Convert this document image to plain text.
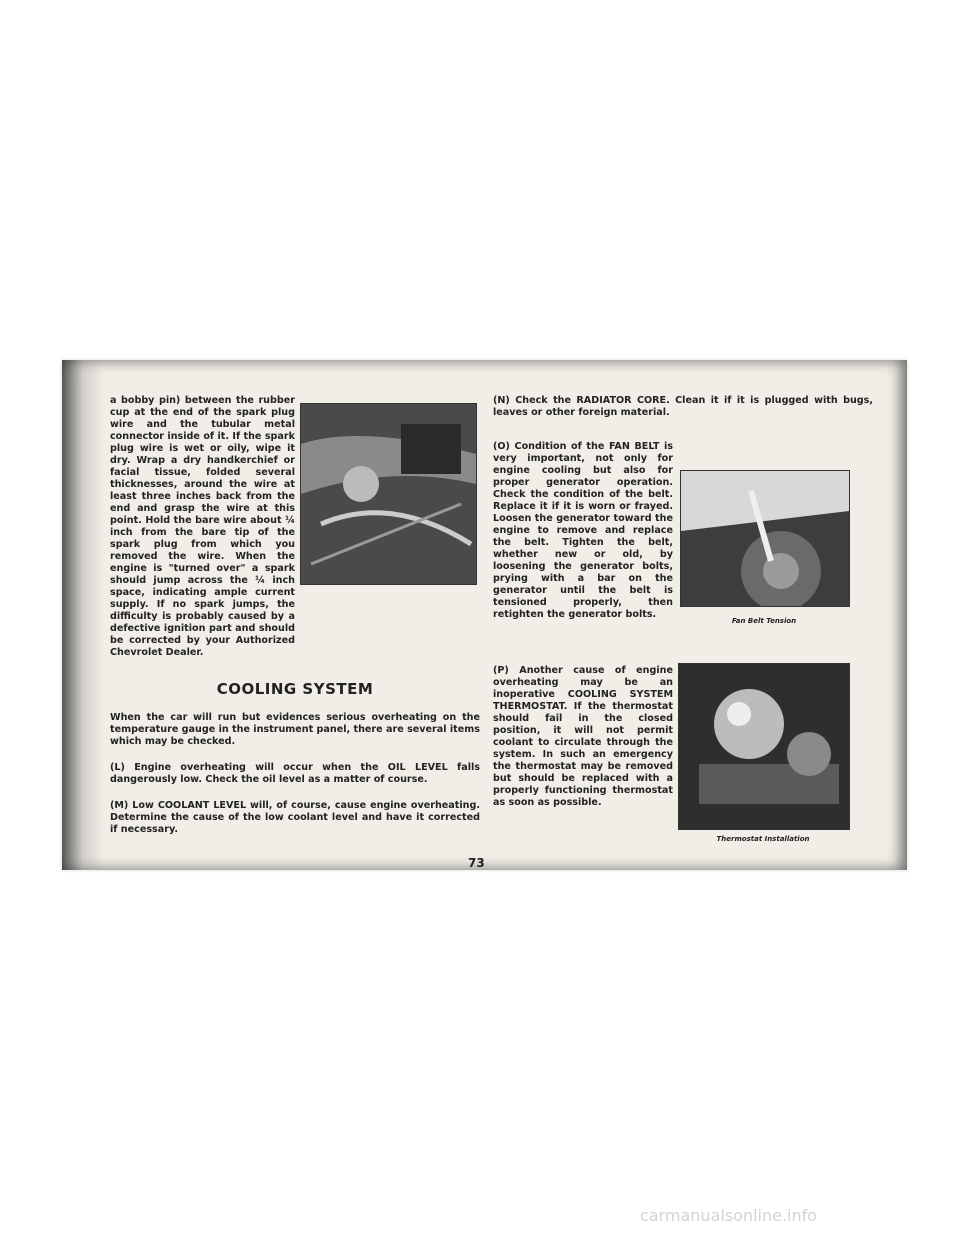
a bobby pin) between the rubber cup at the end of the spark plug wire and the tubular metal connector inside of it. If the spark plug wire is wet or oily, wipe it dry. Wrap a dry handkerchief or facial tissue, folded several thicknesses, around the wire at least three inches back from the end and grasp the wire at this point. Hold the bare wire about ¼ inch from the bare tip of the spark plug from which you removed the wire. When the engine is "turned over" a spark should jump across the ¼ inch space, indicating ample current supply. If no spark jumps, the difficulty is probably caused by a defective ignition part and should be corrected by your Authorized Chevrolet Dealer.

COOLING SYSTEM

When the car will run but evidences serious overheating on the temperature gauge in the instrument panel, there are several items which may be checked.

(L) Engine overheating will occur when the OIL LEVEL falls dangerously low. Check the oil level as a matter of course.

(M) Low COOLANT LEVEL will, of course, cause engine overheating. Determine the cause of the low coolant level and have it corrected if necessary.

(N) Check the RADIATOR CORE. Clean it if it is plugged with bugs, leaves or other foreign material.

(O) Condition of the FAN BELT is very important, not only for engine cooling but also for proper generator operation. Check the condition of the belt. Replace it if it is worn or frayed. Loosen the generator toward the engine to remove and replace the belt. Tighten the belt, whether new or old, by loosening the generator bolts, prying with a bar on the generator until the belt is tensioned properly, then retighten the generator bolts.

(P) Another cause of engine overheating may be an inoperative COOLING SYSTEM THERMOSTAT. If the thermostat should fail in the closed position, it will not permit coolant to circulate through the system. In such an emergency the thermostat may be removed but should be replaced with a properly functioning thermostat as soon as possible.

Fan Belt Tension
Thermostat Installation
73
carmanualsonline.info
